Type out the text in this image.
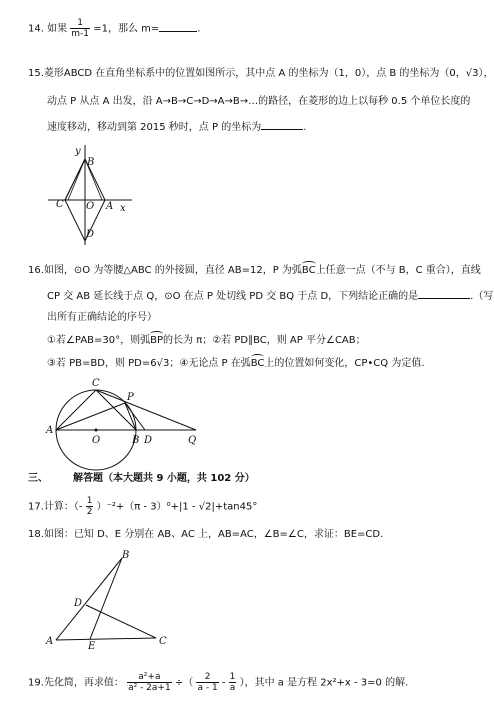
14. 如果 $\frac{1}{m-1} =1$，那么 m=	.
15.菱形ABCD 在直角坐标系中的位置如图所示，其中点 A 的坐标为（1，0），点 B 的坐标为（0，√3），
动点 P 从点 A 出发，沿 A→B→C→D→A→B→…的路径，在菱形的边上以每秒 0.5 个单位长度的
速度移动，移动到第 2015 秒时，点 P 的坐标为	.
y
B
C O A x
D
16.如图，⊙O 为等腰△ABC 的外接圆，直径 AB=12，P 为弧BC上任意一点（不与 B，C 重合），直线
CP 交 AB 延长线于点 Q，⊙O 在点 P 处切线 PD 交 BQ 于点 D，下列结论正确的是	.（写
出所有正确结论的序号）
①若∠PAB=30°，则弧BP的长为 π；②若 PD∥BC，则 AP 平分∠CAB；
③若 PB=BD，则 PD=6√3；④无论点 P 在弧BC上的位置如何变化，CP•CQ 为定值.
C
P
A
O	B D	Q
三、 解答题（本大题共 9 小题，共 102 分）
17.计算：（- $\frac{1}{2} )^{-2}+(\pi - 3)^0+|1 - √2|+\tan 45^\circ$
18.如图：已知 D、E 分别在 AB、AC 上，AB=AC，∠B=∠C，求证：BE=CD.
B
D
A	E	C
19.先化简，再求值： $\frac{\text{a²+a}}{\text{a² - 2a+1}}$ ÷（ $\frac{2}{a - 1} - \frac{1}{a}$ ），其中 a 是方程 2x²+x - 3=0 的解.
